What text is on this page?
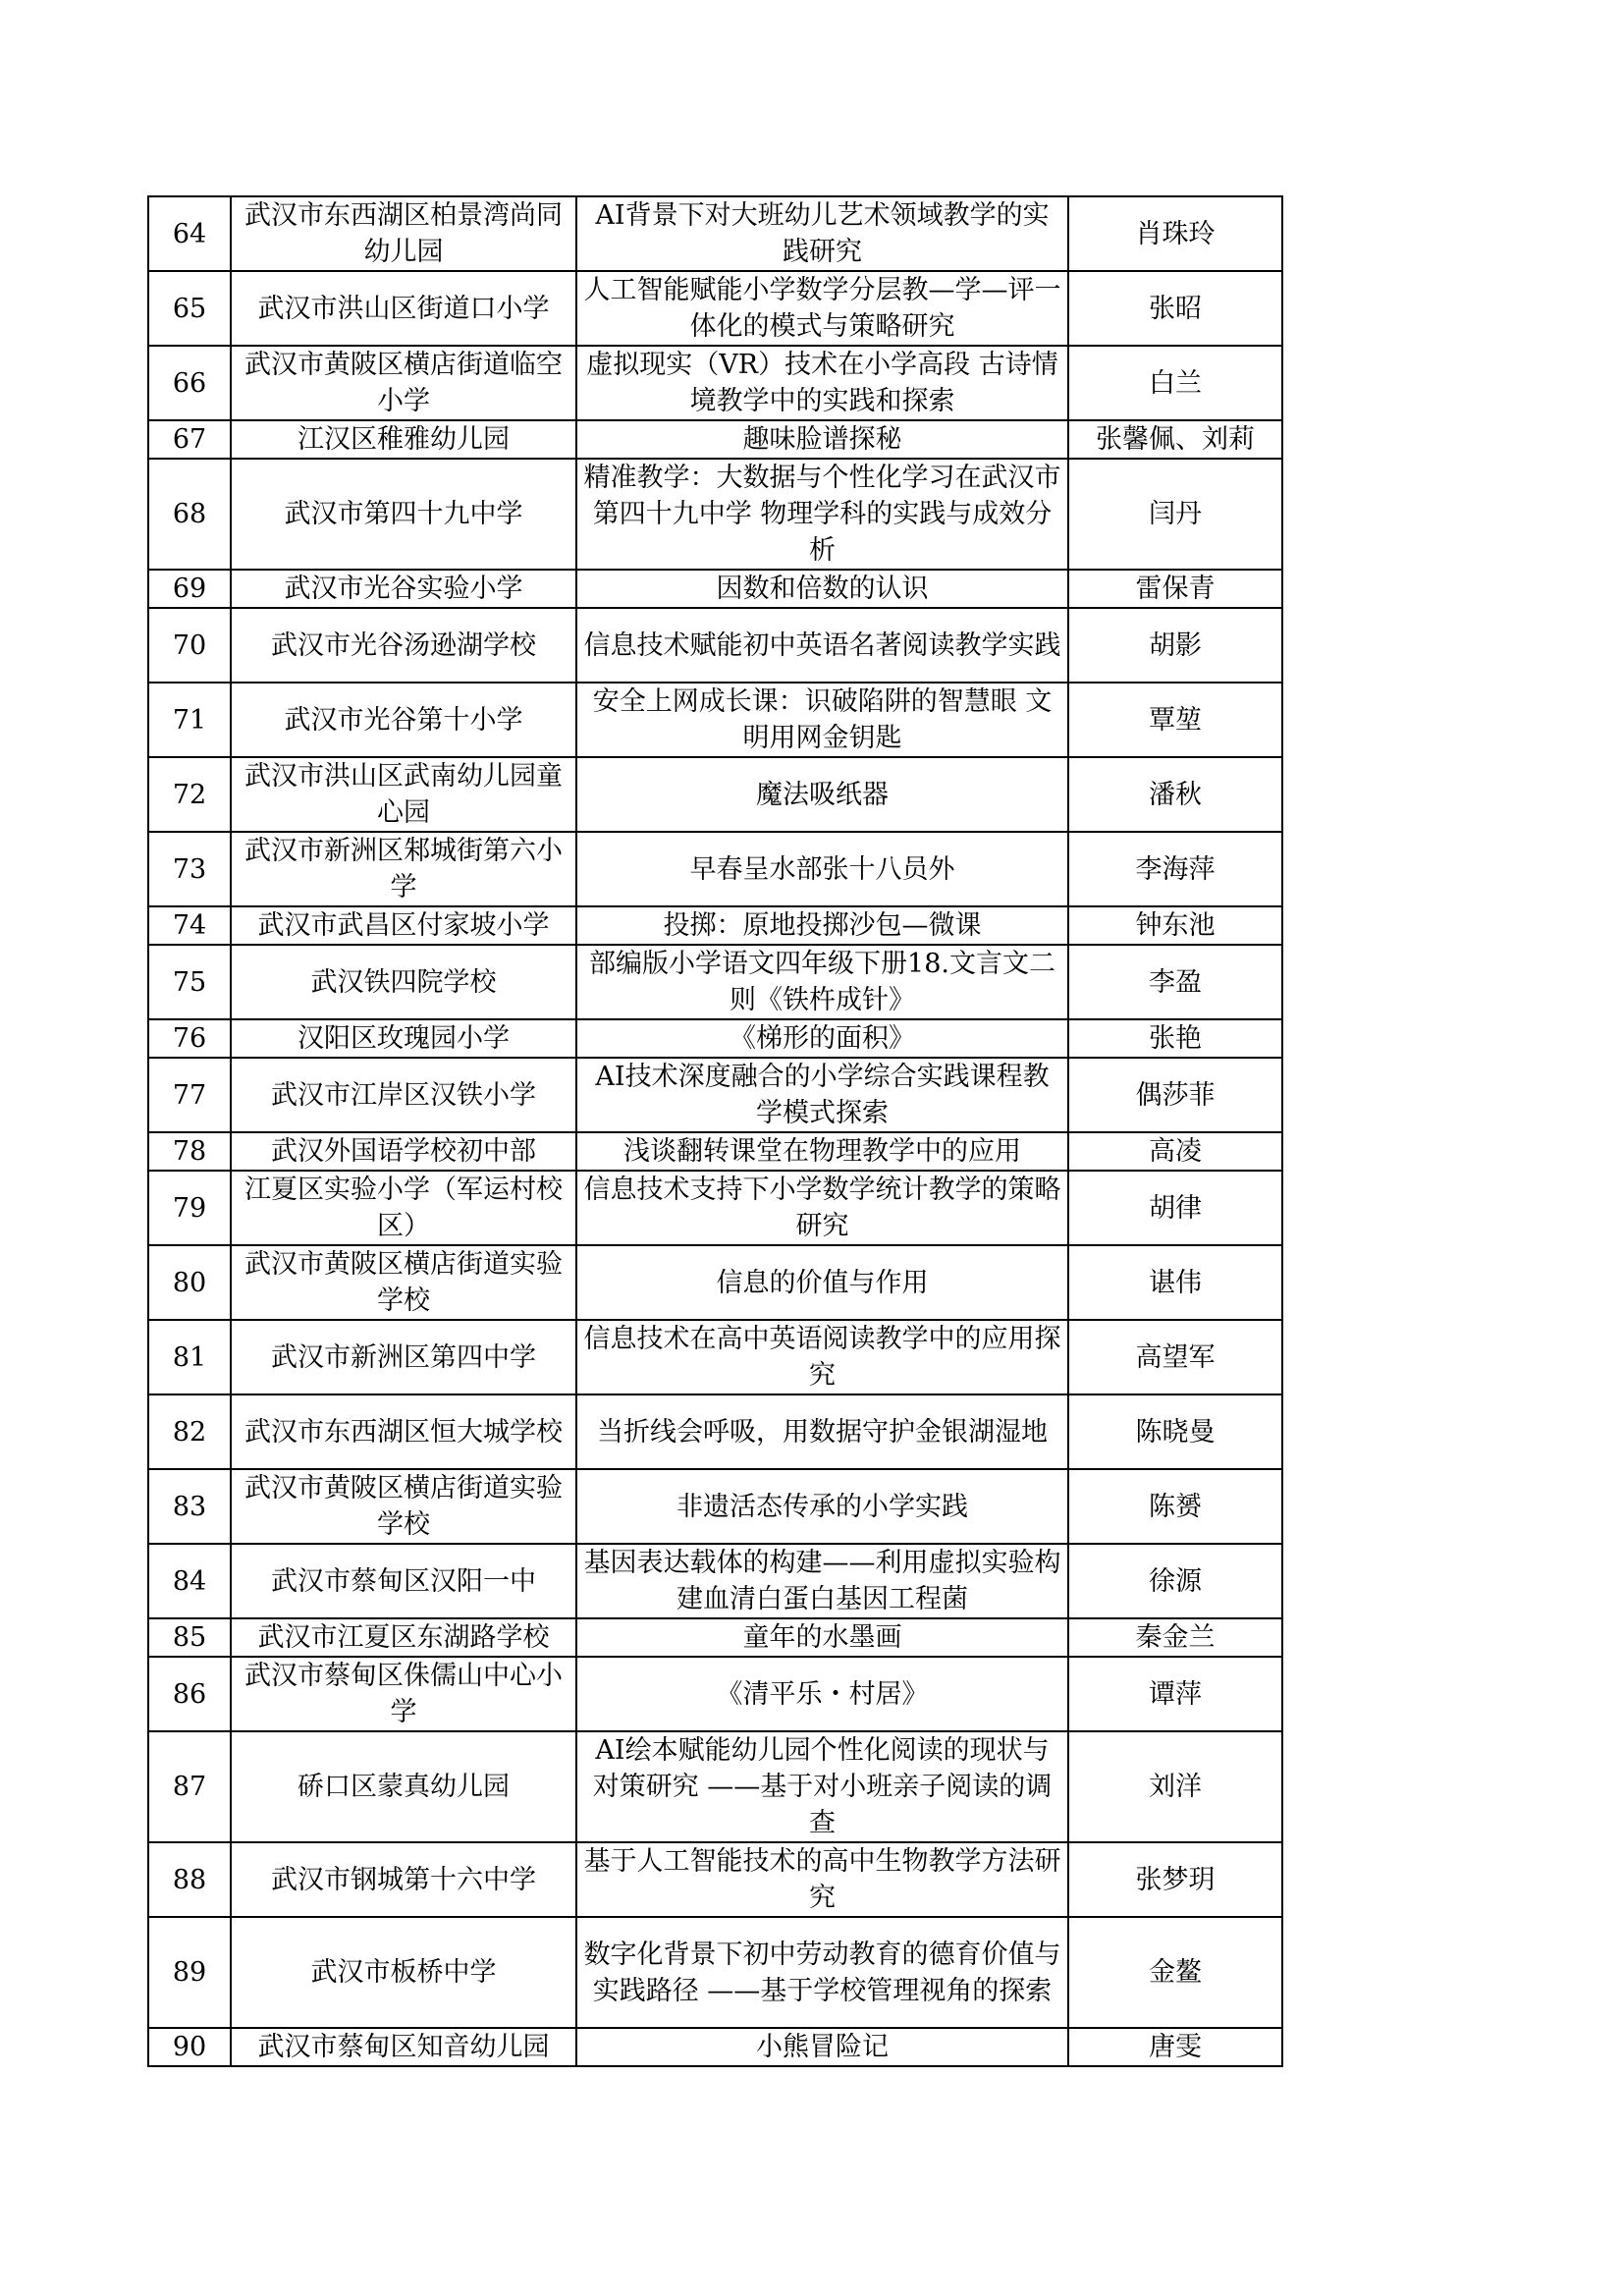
64	武汉市东西湖区柏景湾尚同幼儿园	AI背景下对大班幼儿艺术领域教学的实践研究	肖珠玲
65	武汉市洪山区街道口小学	人工智能赋能小学数学分层教—学—评一体化的模式与策略研究	张昭
66	武汉市黄陂区横店街道临空小学	虚拟现实（VR）技术在小学高段 古诗情境教学中的实践和探索	白兰
67	江汉区稚雅幼儿园	趣味脸谱探秘	张馨佩、刘莉
68	武汉市第四十九中学	精准教学：大数据与个性化学习在武汉市第四十九中学 物理学科的实践与成效分析	闫丹
69	武汉市光谷实验小学	因数和倍数的认识	雷保青
70	武汉市光谷汤逊湖学校	信息技术赋能初中英语名著阅读教学实践	胡影
71	武汉市光谷第十小学	安全上网成长课：识破陷阱的智慧眼 文明用网金钥匙	覃堃
72	武汉市洪山区武南幼儿园童心园	魔法吸纸器	潘秋
73	武汉市新洲区邾城街第六小学	早春呈水部张十八员外	李海萍
74	武汉市武昌区付家坡小学	投掷：原地投掷沙包—微课	钟东池
75	武汉铁四院学校	部编版小学语文四年级下册18.文言文二则《铁杵成针》	李盈
76	汉阳区玫瑰园小学	《梯形的面积》	张艳
77	武汉市江岸区汉铁小学	AI技术深度融合的小学综合实践课程教学模式探索	偶莎菲
78	武汉外国语学校初中部	浅谈翻转课堂在物理教学中的应用	高凌
79	江夏区实验小学（军运村校区）	信息技术支持下小学数学统计教学的策略研究	胡律
80	武汉市黄陂区横店街道实验学校	信息的价值与作用	谌伟
81	武汉市新洲区第四中学	信息技术在高中英语阅读教学中的应用探究	高望军
82	武汉市东西湖区恒大城学校	当折线会呼吸，用数据守护金银湖湿地	陈晓曼
83	武汉市黄陂区横店街道实验学校	非遗活态传承的小学实践	陈赟
84	武汉市蔡甸区汉阳一中	基因表达载体的构建——利用虚拟实验构建血清白蛋白基因工程菌	徐源
85	武汉市江夏区东湖路学校	童年的水墨画	秦金兰
86	武汉市蔡甸区侏儒山中心小学	《清平乐・村居》	谭萍
87	硚口区蒙真幼儿园	AI绘本赋能幼儿园个性化阅读的现状与对策研究 ——基于对小班亲子阅读的调查	刘洋
88	武汉市钢城第十六中学	基于人工智能技术的高中生物教学方法研究	张梦玥
89	武汉市板桥中学	数字化背景下初中劳动教育的德育价值与实践路径 ——基于学校管理视角的探索	金鳌
90	武汉市蔡甸区知音幼儿园	小熊冒险记	唐雯
